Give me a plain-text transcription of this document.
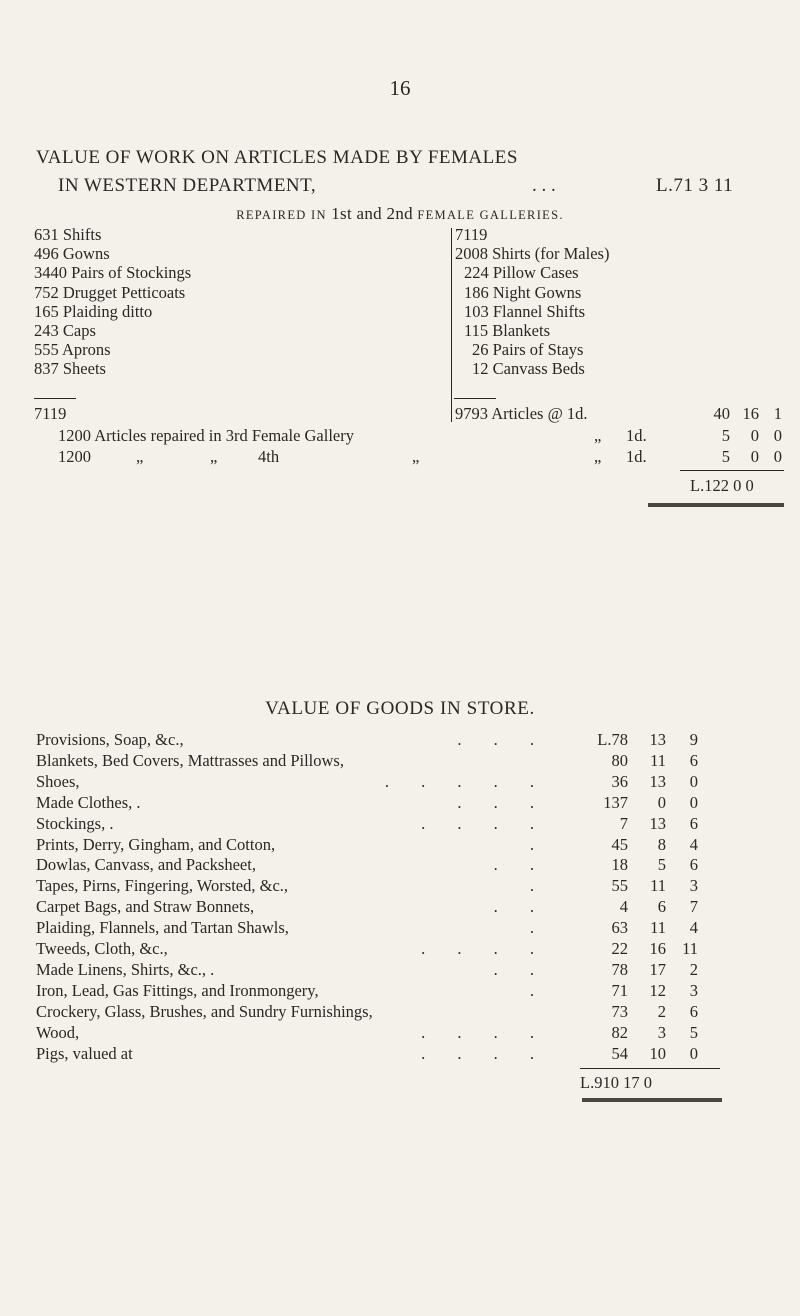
16
VALUE OF WORK ON ARTICLES MADE BY FEMALES
IN WESTERN DEPARTMENT,	. . .	L.71 3 11
REPAIRED IN 1st and 2nd FEMALE GALLERIES.
631 Shifts
496 Gowns
3440 Pairs of Stockings
752 Drugget Petticoats
165 Plaiding ditto
243 Caps
555 Aprons
837 Sheets
7119
7119
2008 Shirts (for Males)
224 Pillow Cases
186 Night Gowns
103 Flannel Shifts
115 Blankets
26 Pairs of Stays
12 Canvass Beds
9793 Articles @ 1d.	40 16 1
1200 Articles repaired in 3rd Female Gallery	„ 1d.	5	0 0
1200	„	„ 4th	„	„ 1d.	5	0 0
L.122 0 0
VALUE OF GOODS IN STORE.
Provisions, Soap, &c.,	. . .	L.78	13	9
Blankets, Bed Covers, Mattrasses and Pillows,	80	11	6
Shoes,	. . . . .	36	13	0
Made Clothes, .	. . .	137	0	0
Stockings, .	. . . .	7	13	6
Prints, Derry, Gingham, and Cotton,	.	45	8	4
Dowlas, Canvass, and Packsheet,	. .	18	5	6
Tapes, Pirns, Fingering, Worsted, &c.,	.	55	11	3
Carpet Bags, and Straw Bonnets,	. .	4	6	7
Plaiding, Flannels, and Tartan Shawls,	.	63	11	4
Tweeds, Cloth, &c.,	. . . .	22	16 11
Made Linens, Shirts, &c., .	. .	78	17	2
Iron, Lead, Gas Fittings, and Ironmongery,	.	71	12	3
Crockery, Glass, Brushes, and Sundry Furnishings,	73	2	6
Wood,	. . . .	82	3	5
Pigs, valued at	. . . .	54	10	0
L.910 17 0
